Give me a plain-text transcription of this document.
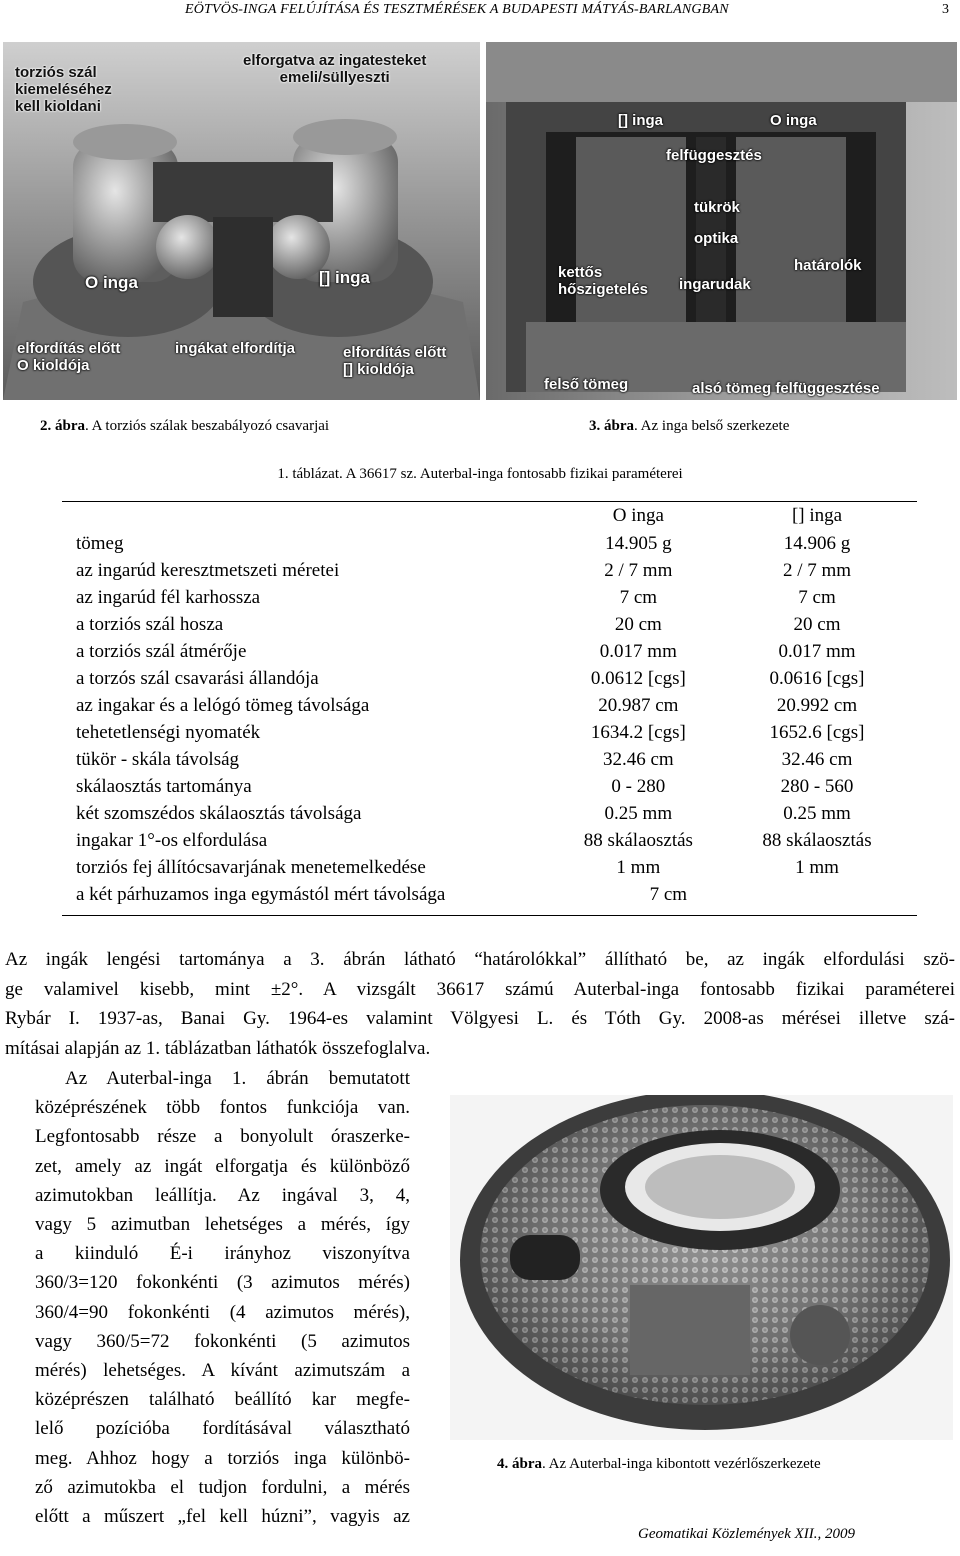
EÖTVÖS-INGA FELÚJÍTÁSA ÉS TESZTMÉRÉSEK A BUDAPESTI MÁTYÁS-BARLANGBAN	3
torziós szál
kiemeléséhez
kell kioldani
elforgatva az ingatesteket
emeli/süllyeszti
O inga	[] inga
elfordítás előtt
O kioldója
ingákat elfordítja	elfordítás előtt
[] kioldója
2. ábra. A torziós szálak beszabályozó csavarjai
[] inga	O inga
felfüggesztés
tükrök
optika
kettős
hőszigetelés ingarudak
határolók
felső tömeg	alsó tömeg felfüggesztése
3. ábra. Az inga belső szerkezete
1. táblázat. A 36617 sz. Auterbal-inga fontosabb fizikai paraméterei
	O inga	[] inga
tömeg	14.905 g	14.906 g
az ingarúd keresztmetszeti méretei	2 / 7 mm	2 / 7 mm
az ingarúd fél karhossza	7 cm	7 cm
a torziós szál hosza	20 cm	20 cm
a torziós szál átmérője	0.017 mm	0.017 mm
a torzós szál csavarási állandója	0.0612 [cgs]	0.0616 [cgs]
az ingakar és a lelógó tömeg távolsága	20.987 cm	20.992 cm
tehetetlenségi nyomaték	1634.2 [cgs]	1652.6 [cgs]
tükör - skála távolság	32.46 cm	32.46 cm
skálaosztás tartománya	0 - 280	280 - 560
két szomszédos skálaosztás távolsága	0.25 mm	0.25 mm
ingakar 1°-os elfordulása	88 skálaosztás	88 skálaosztás
torziós fej állítócsavarjának menetemelkedése	1 mm	1 mm
a két párhuzamos inga egymástól mért távolsága	7 cm	
Az ingák lengési tartománya a 3. ábrán látható “határolókkal” állítható be, az ingák elfordulási szö-
ge valamivel kisebb, mint ±2°. A vizsgált 36617 számú Auterbal-inga fontosabb fizikai paraméterei
Rybár I. 1937-as, Banai Gy. 1964-es valamint Völgyesi L. és Tóth Gy. 2008-as mérései illetve szá-
mításai alapján az 1. táblázatban láthatók összefoglalva.
Az Auterbal-inga 1. ábrán bemutatott
középrészének több fontos funkciója van.
Legfontosabb része a bonyolult óraszerke-
zet, amely az ingát elforgatja és különböző
azimutokban leállítja. Az ingával 3, 4,
vagy 5 azimutban lehetséges a mérés, így
a kiinduló É-i irányhoz viszonyítva
360/3=120 fokonkénti (3 azimutos mérés)
360/4=90 fokonkénti (4 azimutos mérés),
vagy 360/5=72 fokonkénti (5 azimutos
mérés) lehetséges. A kívánt azimutszám a
középrészen található beállító kar megfe-
lelő pozícióba fordításával választható
meg. Ahhoz hogy a torziós inga különbö-
ző azimutokba el tudjon fordulni, a mérés
előtt a műszert „fel kell húzni”, vagyis az
4. ábra. Az Auterbal-inga kibontott vezérlőszerkezete
Geomatikai Közlemények XII., 2009
